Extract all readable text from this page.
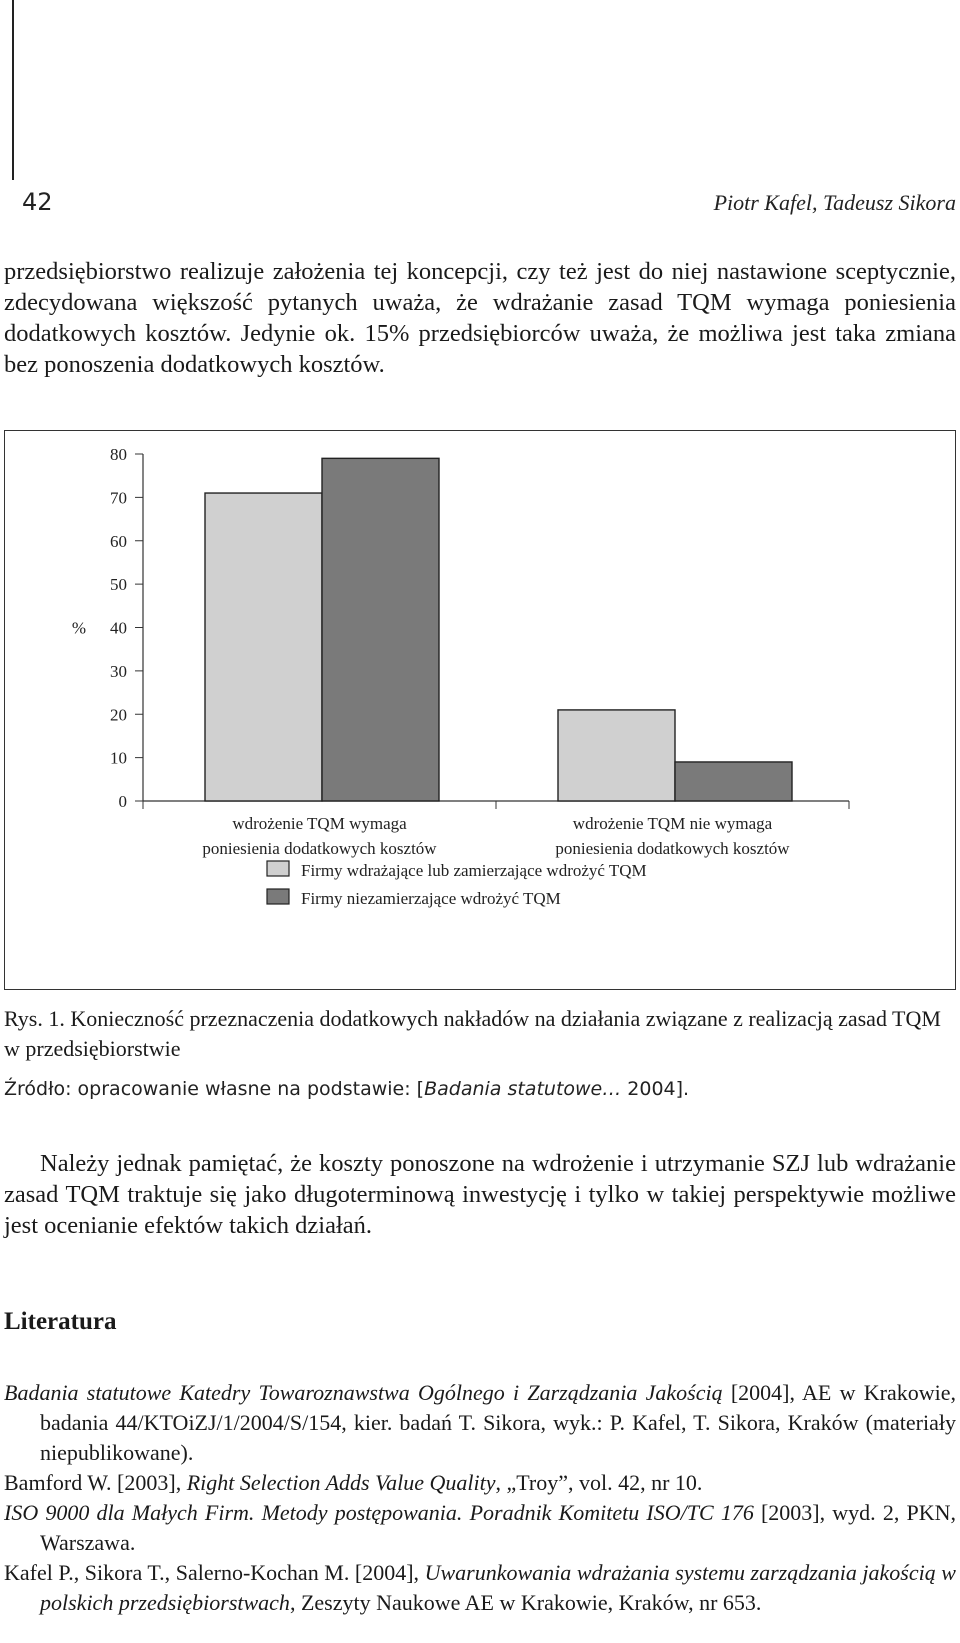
42	Piotr Kafel, Tadeusz Sikora

przedsiębiorstwo realizuje założenia tej koncepcji, czy też jest do niej nastawione sceptycznie, zdecydowana większość pytanych uważa, że wdrażanie zasad TQM wymaga poniesienia dodatkowych kosztów. Jedynie ok. 15% przedsiębiorców uważa, że możliwa jest taka zmiana bez ponoszenia dodatkowych kosztów.

0
10
20
30
40
50
60
70
80
%
wdrożenie TQM wymaga
poniesienia dodatkowych kosztów
wdrożenie TQM nie wymaga
poniesienia dodatkowych kosztów
Firmy wdrażające lub zamierzające wdrożyć TQM
Firmy niezamierzające wdrożyć TQM

Rys. 1. Konieczność przeznaczenia dodatkowych nakładów na działania związane z realizacją zasad TQM w przedsiębiorstwie

Źródło: opracowanie własne na podstawie: [Badania statutowe… 2004].

Należy jednak pamiętać, że koszty ponoszone na wdrożenie i utrzymanie SZJ lub wdrażanie zasad TQM traktuje się jako długoterminową inwestycję i tylko w takiej perspektywie możliwe jest ocenianie efektów takich działań.

Literatura

Badania statutowe Katedry Towaroznawstwa Ogólnego i Zarządzania Jakością [2004], AE w Krakowie, badania 44/KTOiZJ/1/2004/S/154, kier. badań T. Sikora, wyk.: P. Kafel, T. Sikora, Kraków (materiały niepublikowane).

Bamford W. [2003], Right Selection Adds Value Quality, „Troy”, vol. 42, nr 10.

ISO 9000 dla Małych Firm. Metody postępowania. Poradnik Komitetu ISO/TC 176 [2003], wyd. 2, PKN, Warszawa.

Kafel P., Sikora T., Salerno-Kochan M. [2004], Uwarunkowania wdrażania systemu zarządzania jakością w polskich przedsiębiorstwach, Zeszyty Naukowe AE w Krakowie, Kraków, nr 653.
